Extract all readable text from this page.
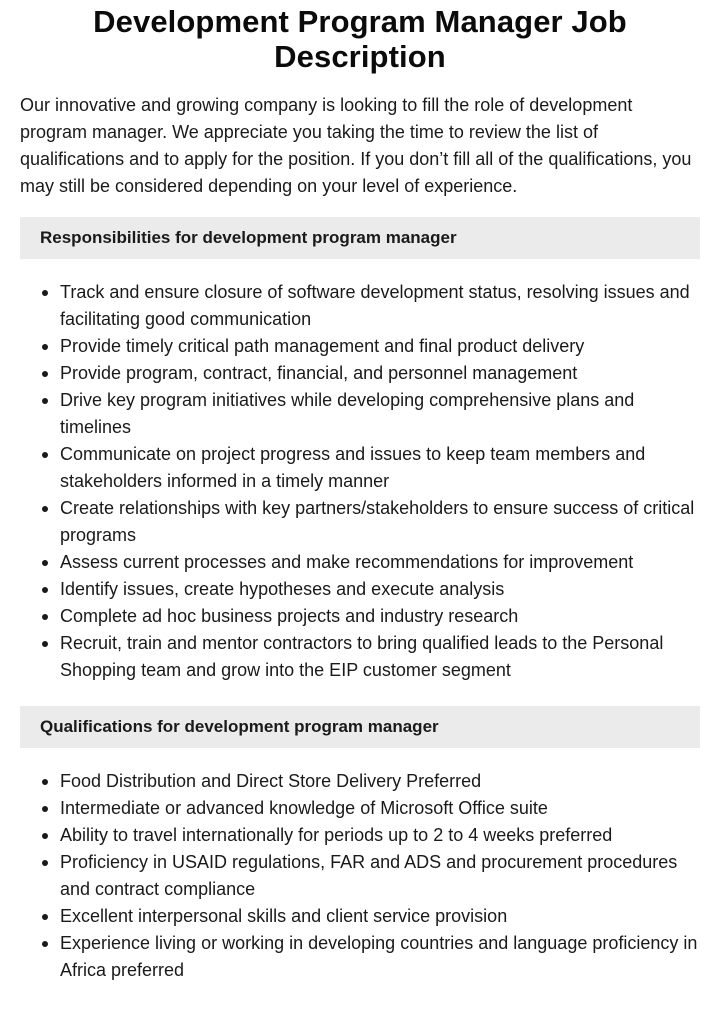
Development Program Manager Job Description

Our innovative and growing company is looking to fill the role of development program manager. We appreciate you taking the time to review the list of qualifications and to apply for the position. If you don’t fill all of the qualifications, you may still be considered depending on your level of experience.

Responsibilities for development program manager
Track and ensure closure of software development status, resolving issues and facilitating good communication
Provide timely critical path management and final product delivery
Provide program, contract, financial, and personnel management
Drive key program initiatives while developing comprehensive plans and timelines
Communicate on project progress and issues to keep team members and stakeholders informed in a timely manner
Create relationships with key partners/stakeholders to ensure success of critical programs
Assess current processes and make recommendations for improvement
Identify issues, create hypotheses and execute analysis
Complete ad hoc business projects and industry research
Recruit, train and mentor contractors to bring qualified leads to the Personal Shopping team and grow into the EIP customer segment
Qualifications for development program manager
Food Distribution and Direct Store Delivery Preferred
Intermediate or advanced knowledge of Microsoft Office suite
Ability to travel internationally for periods up to 2 to 4 weeks preferred
Proficiency in USAID regulations, FAR and ADS and procurement procedures and contract compliance
Excellent interpersonal skills and client service provision
Experience living or working in developing countries and language proficiency in Africa preferred
